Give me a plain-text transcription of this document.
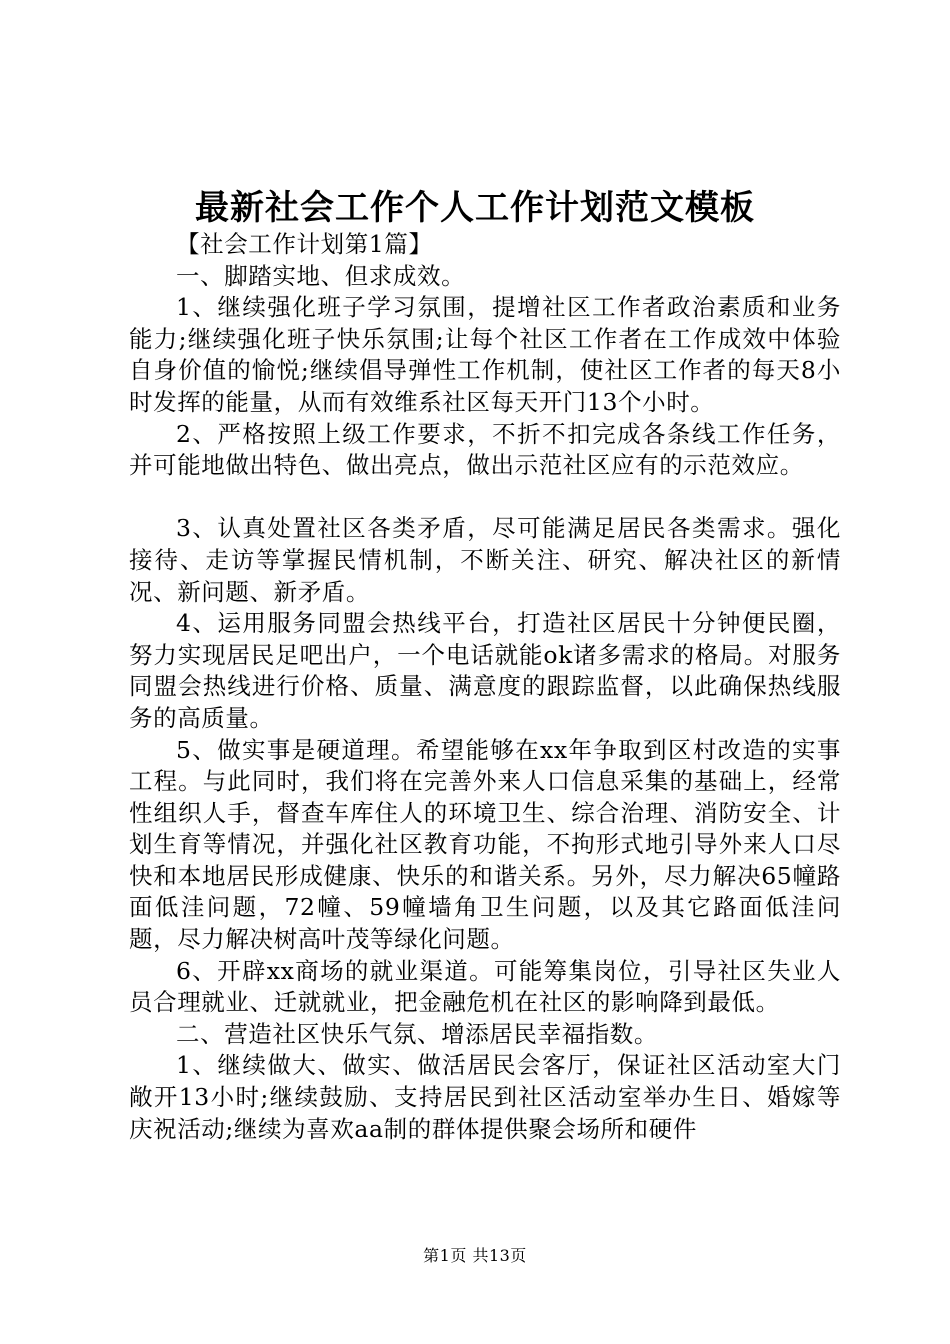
最新社会工作个人工作计划范文模板

【社会工作计划第1篇】

一、脚踏实地、但求成效。

1、继续强化班子学习氛围，提增社区工作者政治素质和业务能力;继续强化班子快乐氛围;让每个社区工作者在工作成效中体验自身价值的愉悦;继续倡导弹性工作机制，使社区工作者的每天8小时发挥的能量，从而有效维系社区每天开门13个小时。

2、严格按照上级工作要求，不折不扣完成各条线工作任务，并可能地做出特色、做出亮点，做出示范社区应有的示范效应。

3、认真处置社区各类矛盾，尽可能满足居民各类需求。强化接待、走访等掌握民情机制，不断关注、研究、解决社区的新情况、新问题、新矛盾。

4、运用服务同盟会热线平台，打造社区居民十分钟便民圈，努力实现居民足吧出户，一个电话就能ok诸多需求的格局。对服务同盟会热线进行价格、质量、满意度的跟踪监督，以此确保热线服务的高质量。

5、做实事是硬道理。希望能够在xx年争取到区村改造的实事工程。与此同时，我们将在完善外来人口信息采集的基础上，经常性组织人手，督查车库住人的环境卫生、综合治理、消防安全、计划生育等情况，并强化社区教育功能，不拘形式地引导外来人口尽快和本地居民形成健康、快乐的和谐关系。另外，尽力解决65幢路面低洼问题，72幢、59幢墙角卫生问题，以及其它路面低洼问题，尽力解决树高叶茂等绿化问题。

6、开辟xx商场的就业渠道。可能筹集岗位，引导社区失业人员合理就业、迁就就业，把金融危机在社区的影响降到最低。

二、营造社区快乐气氛、增添居民幸福指数。

1、继续做大、做实、做活居民会客厅，保证社区活动室大门敞开13小时;继续鼓励、支持居民到社区活动室举办生日、婚嫁等庆祝活动;继续为喜欢aa制的群体提供聚会场所和硬件

第1页 共13页
